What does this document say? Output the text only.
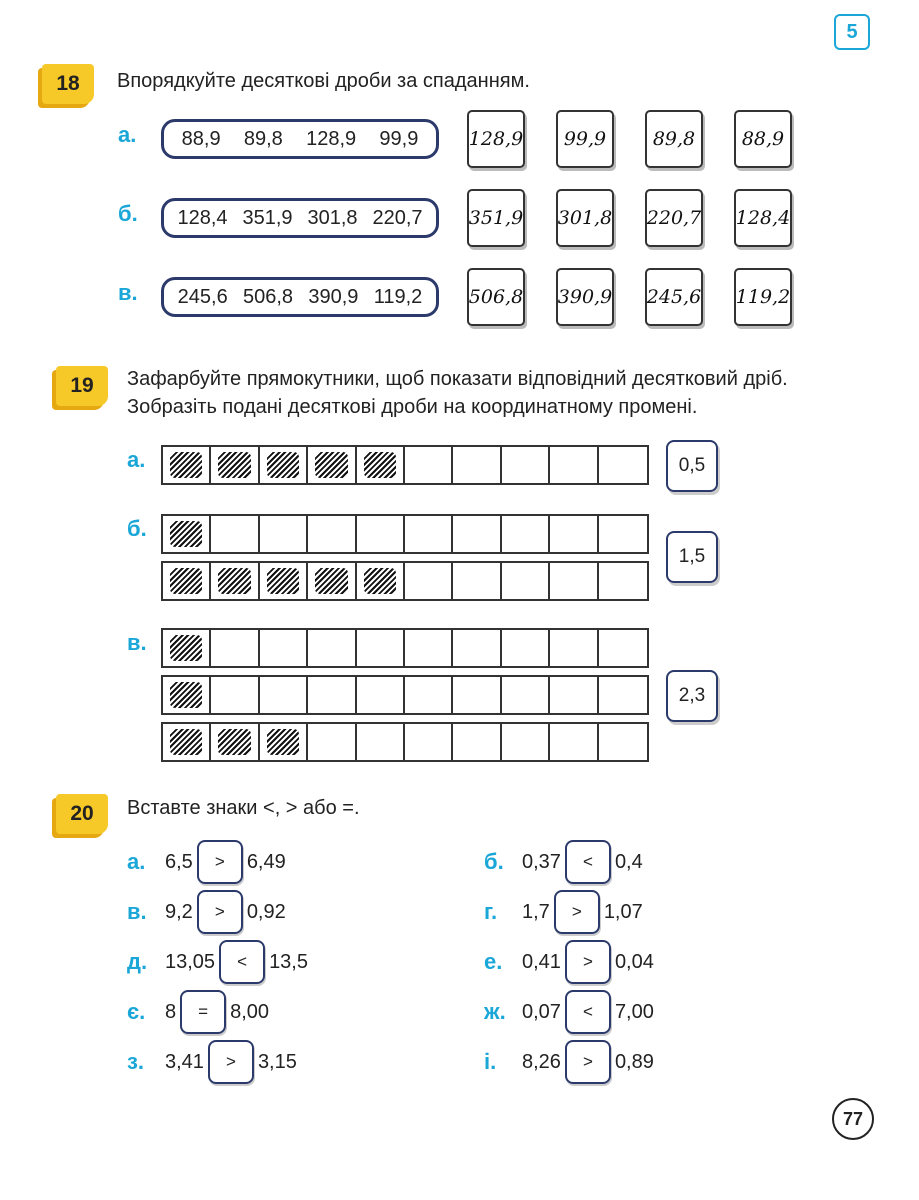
5
18	Впорядкуйте десяткові дроби за спаданням.
а. 88,9 89,8 128,9 99,9	128,9	99,9	89,8	88,9
б. 128,4 351,9 301,8 220,7 351,9 301,8 220,7 128,4
в. 245,6 506,8 390,9 119,2 506,8 390,9 245,6 119,2
19	Зафарбуйте прямокутники, щоб показати відповідний десятковий дріб.
Зобразіть подані десяткові дроби на координатному промені.
а.	0,5
б.
1,5
в.
2,3
20	Вставте знаки <, > або =.
а. 6,5	>	6,49
в. 9,2	>	0,92
д. 13,05	<	13,5
є. 8	=	8,00
з.	3,41	>	3,15
б. 0,37	<	0,4
г.	1,7	>	1,07
е. 0,41	>	0,04
ж. 0,07	<	7,00
і.	8,26	>	0,89
77
